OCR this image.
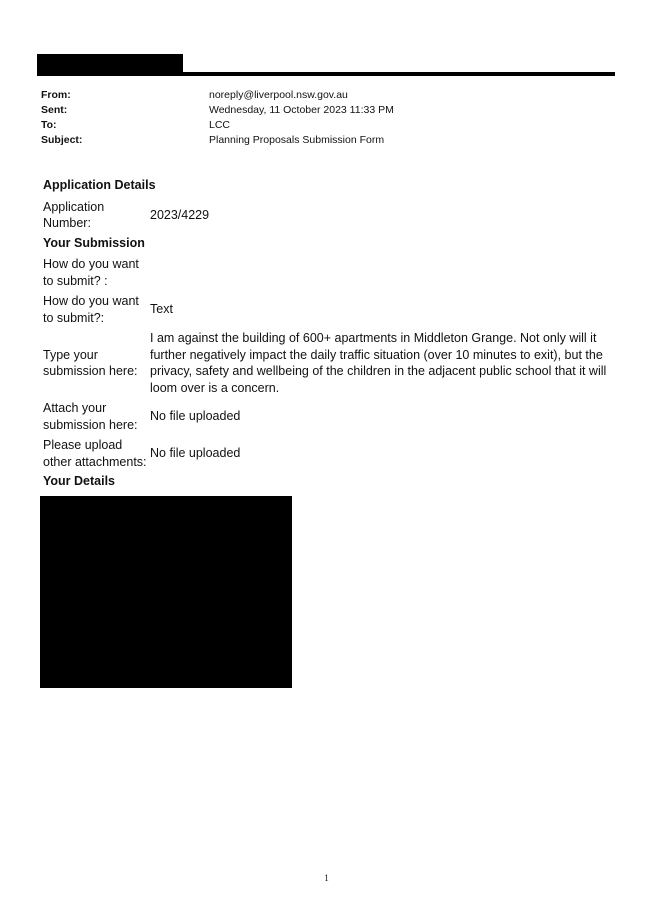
From:	noreply@liverpool.nsw.gov.au
Sent:	Wednesday, 11 October 2023 11:33 PM
To:	LCC
Subject:	Planning Proposals Submission Form
Application Details
Application Number:
2023/4229
Your Submission
How do you want to submit? :
How do you want to submit?:
Text
Type your submission here:
I am against the building of 600+ apartments in Middleton Grange. Not only will it further negatively impact the daily traffic situation (over 10 minutes to exit), but the privacy, safety and wellbeing of the children in the adjacent public school that it will loom over is a concern.
Attach your submission here:
No file uploaded
Please upload other attachments:
No file uploaded
Your Details
1
